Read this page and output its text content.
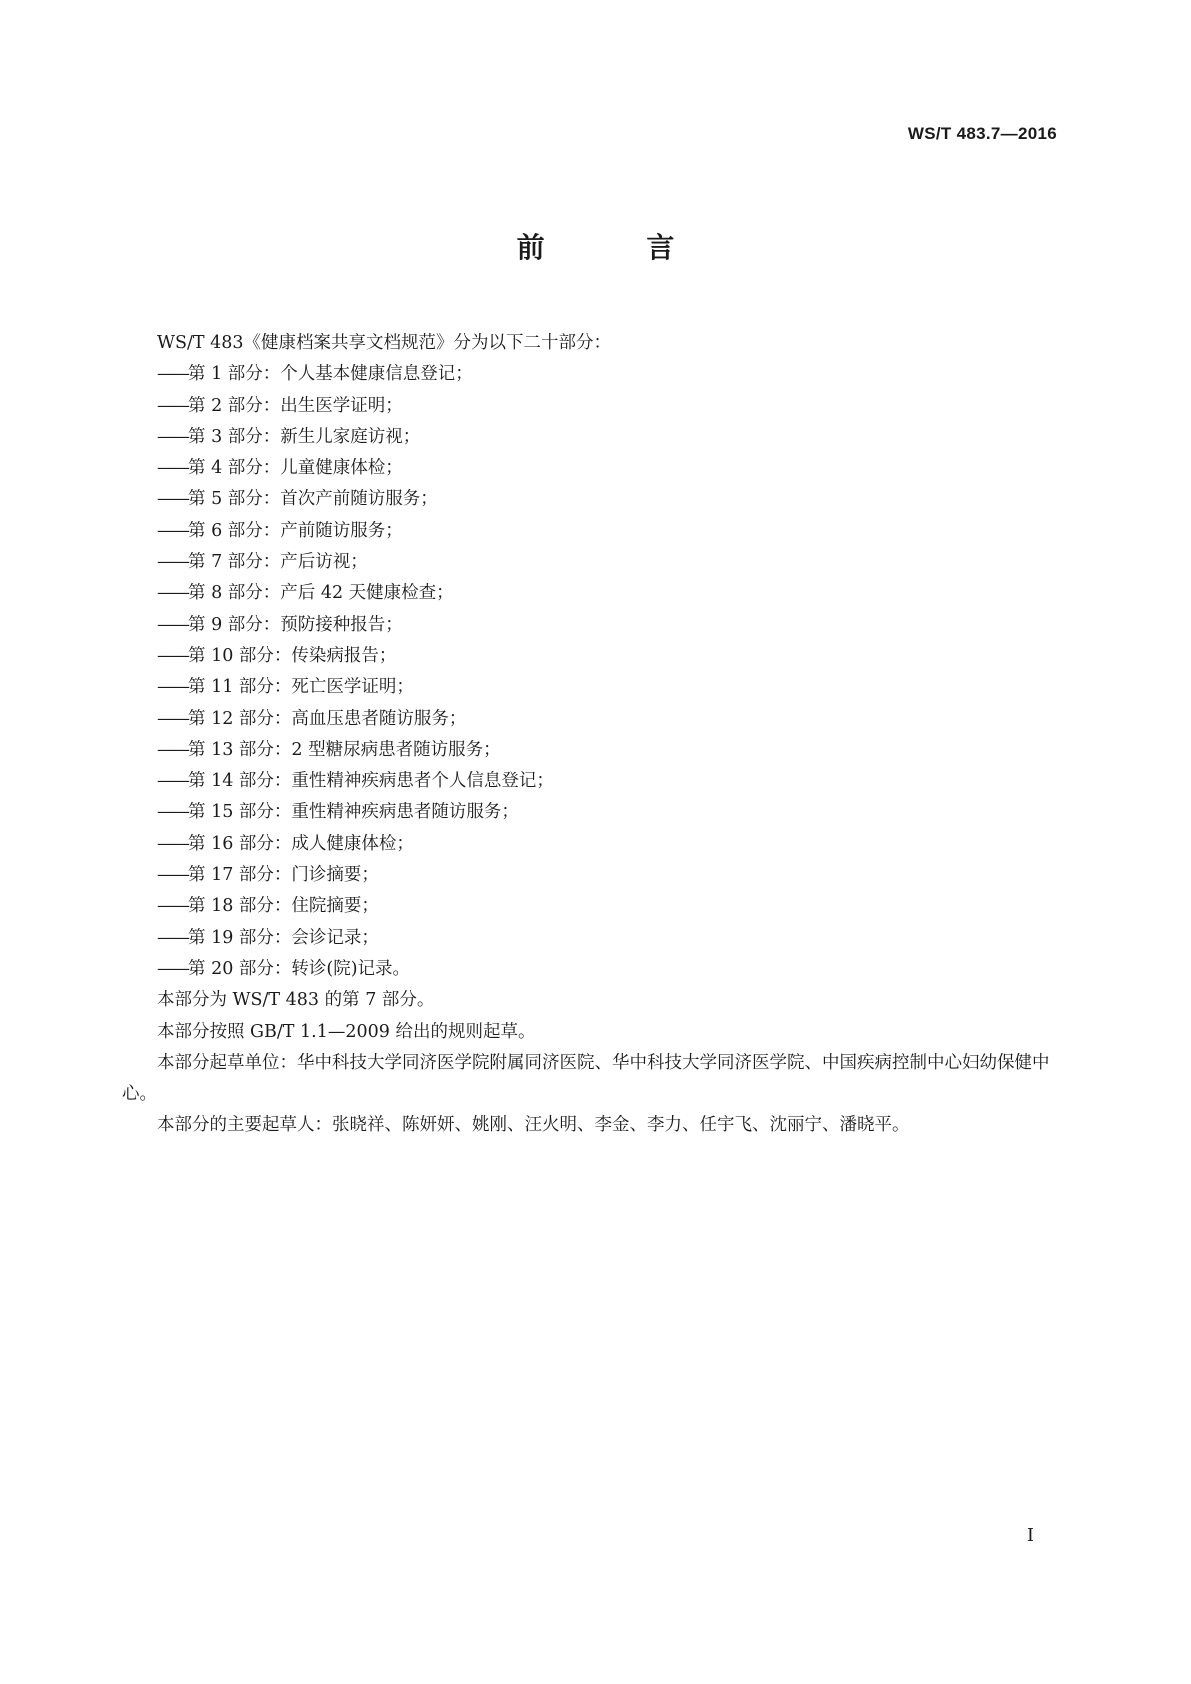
WS/T 483.7—2016
前 言

WS/T 483《健康档案共享文档规范》分为以下二十部分：

——第 1 部分：个人基本健康信息登记；

——第 2 部分：出生医学证明；

——第 3 部分：新生儿家庭访视；

——第 4 部分：儿童健康体检；

——第 5 部分：首次产前随访服务；

——第 6 部分：产前随访服务；

——第 7 部分：产后访视；

——第 8 部分：产后 42 天健康检查；

——第 9 部分：预防接种报告；

——第 10 部分：传染病报告；

——第 11 部分：死亡医学证明；

——第 12 部分：高血压患者随访服务；

——第 13 部分：2 型糖尿病患者随访服务；

——第 14 部分：重性精神疾病患者个人信息登记；

——第 15 部分：重性精神疾病患者随访服务；

——第 16 部分：成人健康体检；

——第 17 部分：门诊摘要；

——第 18 部分：住院摘要；

——第 19 部分：会诊记录；

——第 20 部分：转诊(院)记录。

本部分为 WS/T 483 的第 7 部分。

本部分按照 GB/T 1.1—2009 给出的规则起草。

本部分起草单位：华中科技大学同济医学院附属同济医院、华中科技大学同济医学院、中国疾病控制中心妇幼保健中心。

本部分的主要起草人：张晓祥、陈妍妍、姚刚、汪火明、李金、李力、任宇飞、沈丽宁、潘晓平。

I
